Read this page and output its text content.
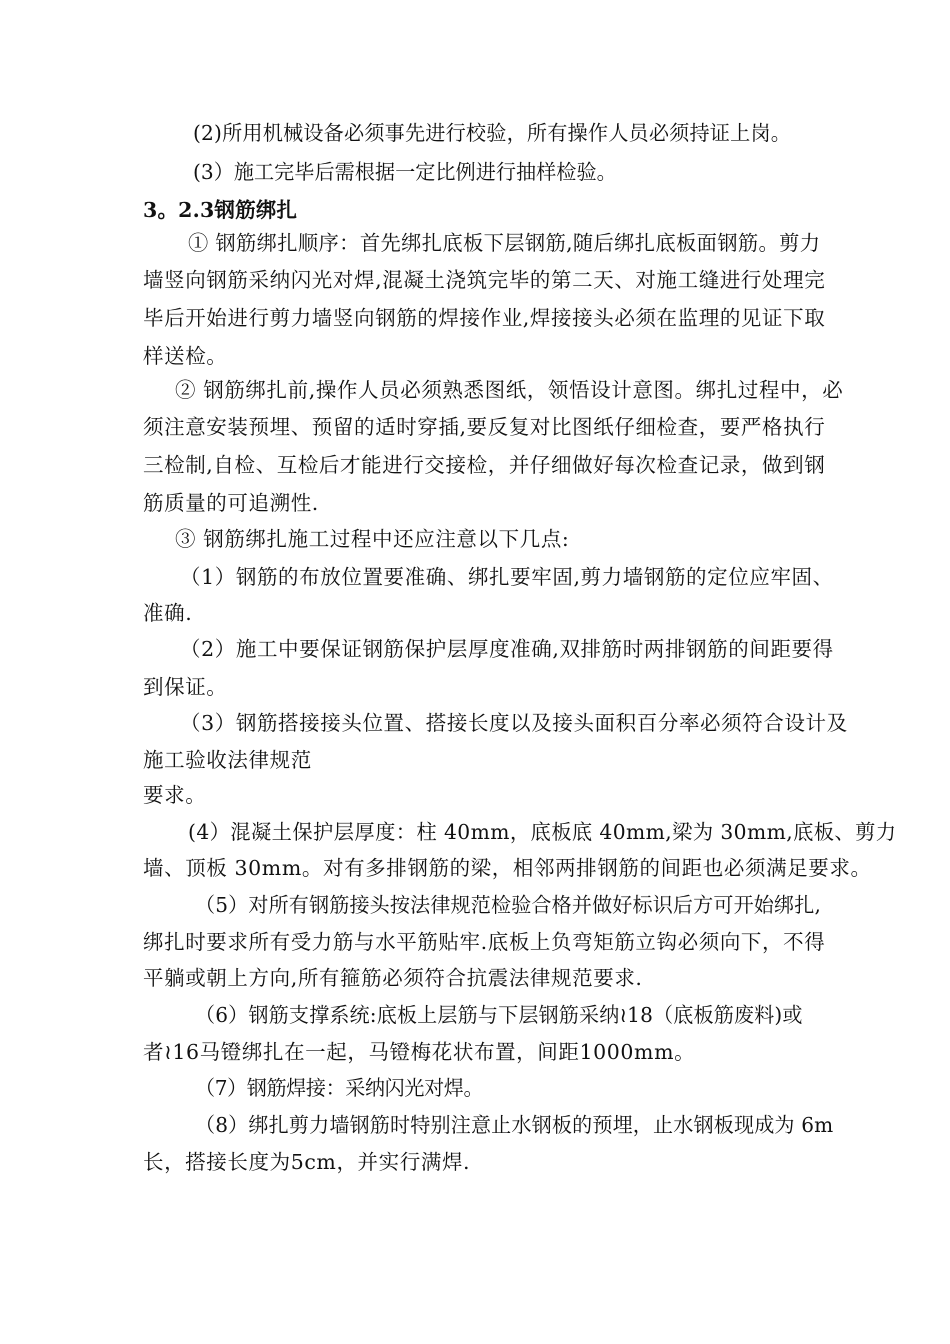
(2)所用机械设备必须事先进行校验，所有操作人员必须持证上岗。
(3）施工完毕后需根据一定比例进行抽样检验。
3。2.3钢筋绑扎
① 钢筋绑扎顺序：首先绑扎底板下层钢筋,随后绑扎底板面钢筋。剪力
墙竖向钢筋采纳闪光对焊,混凝土浇筑完毕的第二天、对施工缝进行处理完
毕后开始进行剪力墙竖向钢筋的焊接作业,焊接接头必须在监理的见证下取
样送检。
② 钢筋绑扎前,操作人员必须熟悉图纸，领悟设计意图。绑扎过程中，必
须注意安装预埋、预留的适时穿插,要反复对比图纸仔细检查，要严格执行
三检制,自检、互检后才能进行交接检，并仔细做好每次检查记录，做到钢
筋质量的可追溯性.
③ 钢筋绑扎施工过程中还应注意以下几点:
（1）钢筋的布放位置要准确、绑扎要牢固,剪力墙钢筋的定位应牢固、
准确.
（2）施工中要保证钢筋保护层厚度准确,双排筋时两排钢筋的间距要得
到保证。
（3）钢筋搭接接头位置、搭接长度以及接头面积百分率必须符合设计及
施工验收法律规范
要求。
(4）混凝土保护层厚度：柱 40mm，底板底 40mm,梁为 30mm,底板、剪力
墙、顶板 30mm。对有多排钢筋的梁，相邻两排钢筋的间距也必须满足要求。
（5）对所有钢筋接头按法律规范检验合格并做好标识后方可开始绑扎,
绑扎时要求所有受力筋与水平筋贴牢.底板上负弯矩筋立钩必须向下，不得
平躺或朝上方向,所有箍筋必须符合抗震法律规范要求.
（6）钢筋支撑系统:底板上层筋与下层钢筋采纳≀18（底板筋废料)或
者≀16马镫绑扎在一起，马镫梅花状布置，间距1000mm。
（7）钢筋焊接：采纳闪光对焊。
（8）绑扎剪力墙钢筋时特别注意止水钢板的预埋，止水钢板现成为 6m
长，搭接长度为5cm，并实行满焊.
